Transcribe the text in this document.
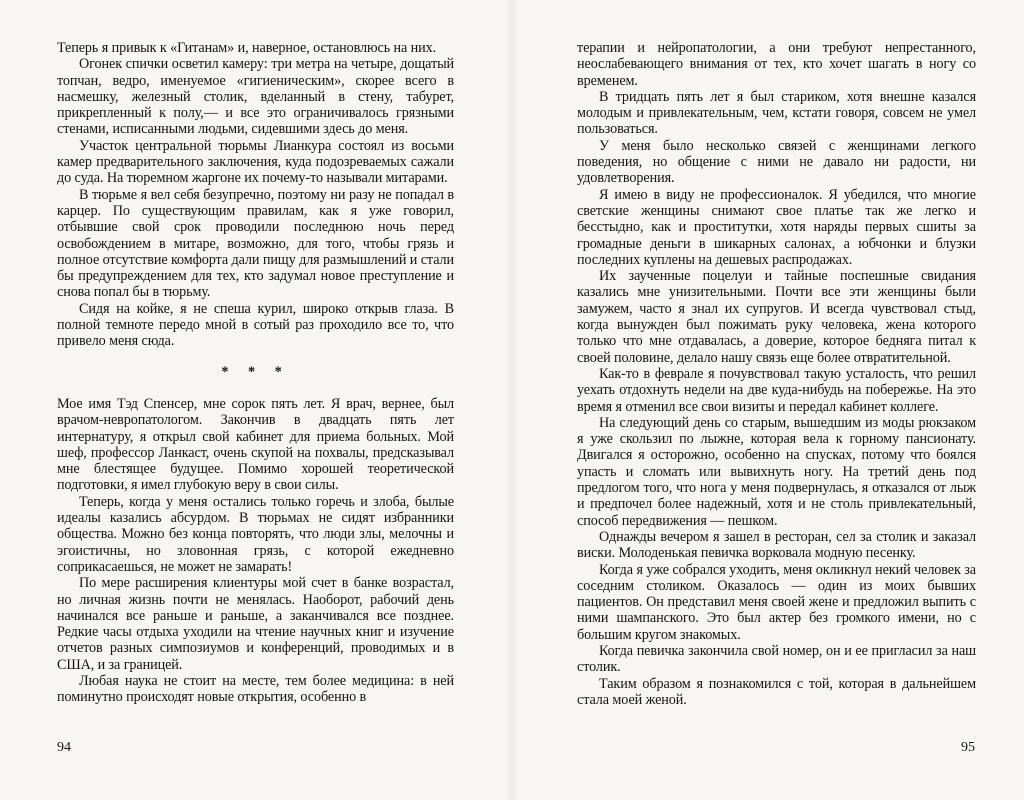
Теперь я привык к «Гитанам» и, наверное, остановлюсь на них.

Огонек спички осветил камеру: три метра на четыре, дощатый топчан, ведро, именуемое «гигиеническим», скорее всего в насмешку, железный столик, вделанный в стену, табурет, прикрепленный к полу,— и все это ограничивалось грязными стенами, исписанными людьми, сидевшими здесь до меня.

Участок центральной тюрьмы Лианкура состоял из восьми камер предварительного заключения, куда подозреваемых сажали до суда. На тюремном жаргоне их почему-то называли митарами.

В тюрьме я вел себя безупречно, поэтому ни разу не попадал в карцер. По существующим правилам, как я уже говорил, отбывшие свой срок проводили последнюю ночь перед освобождением в митаре, возможно, для того, чтобы грязь и полное отсутствие комфорта дали пищу для размышлений и стали бы предупреждением для тех, кто задумал новое преступление и снова попал бы в тюрьму.

Сидя на койке, я не спеша курил, широко открыв глаза. В полной темноте передо мной в сотый раз проходило все то, что привело меня сюда.

* * *

Мое имя Тэд Спенсер, мне сорок пять лет. Я врач, вернее, был врачом-невропатологом. Закончив в двадцать пять лет интернатуру, я открыл свой кабинет для приема больных. Мой шеф, профессор Ланкаст, очень скупой на похвалы, предсказывал мне блестящее будущее. Помимо хорошей теоретической подготовки, я имел глубокую веру в свои силы.

Теперь, когда у меня остались только горечь и злоба, былые идеалы казались абсурдом. В тюрьмах не сидят избранники общества. Можно без конца повторять, что люди злы, мелочны и эгоистичны, но зловонная грязь, с которой ежедневно соприкасаешься, не может не замарать!

По мере расширения клиентуры мой счет в банке возрастал, но личная жизнь почти не менялась. Наоборот, рабочий день начинался все раньше и раньше, а заканчивался все позднее. Редкие часы отдыха уходили на чтение научных книг и изучение отчетов разных симпозиумов и конференций, проводимых и в США, и за границей.

Любая наука не стоит на месте, тем более медицина: в ней поминутно происходят новые открытия, особенно в

94

терапии и нейропатологии, а они требуют непрестанного, неослабевающего внимания от тех, кто хочет шагать в ногу со временем.

В тридцать пять лет я был стариком, хотя внешне казался молодым и привлекательным, чем, кстати говоря, совсем не умел пользоваться.

У меня было несколько связей с женщинами легкого поведения, но общение с ними не давало ни радости, ни удовлетворения.

Я имею в виду не профессионалок. Я убедился, что многие светские женщины снимают свое платье так же легко и бесстыдно, как и проститутки, хотя наряды первых сшиты за громадные деньги в шикарных салонах, а юбчонки и блузки последних куплены на дешевых распродажах.

Их заученные поцелуи и тайные поспешные свидания казались мне унизительными. Почти все эти женщины были замужем, часто я знал их супругов. И всегда чувствовал стыд, когда вынужден был пожимать руку человека, жена которого только что мне отдавалась, а доверие, которое бедняга питал к своей половине, делало нашу связь еще более отвратительной.

Как-то в феврале я почувствовал такую усталость, что решил уехать отдохнуть недели на две куда-нибудь на побережье. На это время я отменил все свои визиты и передал кабинет коллеге.

На следующий день со старым, вышедшим из моды рюкзаком я уже скользил по лыжне, которая вела к горному пансионату. Двигался я осторожно, особенно на спусках, потому что боялся упасть и сломать или вывихнуть ногу. На третий день под предлогом того, что нога у меня подвернулась, я отказался от лыж и предпочел более надежный, хотя и не столь привлекательный, способ передвижения — пешком.

Однажды вечером я зашел в ресторан, сел за столик и заказал виски. Молоденькая певичка ворковала модную песенку.

Когда я уже собрался уходить, меня окликнул некий человек за соседним столиком. Оказалось — один из моих бывших пациентов. Он представил меня своей жене и предложил выпить с ними шампанского. Это был актер без громкого имени, но с большим кругом знакомых.

Когда певичка закончила свой номер, он и ее пригласил за наш столик.

Таким образом я познакомился с той, которая в дальнейшем стала моей женой.

95
